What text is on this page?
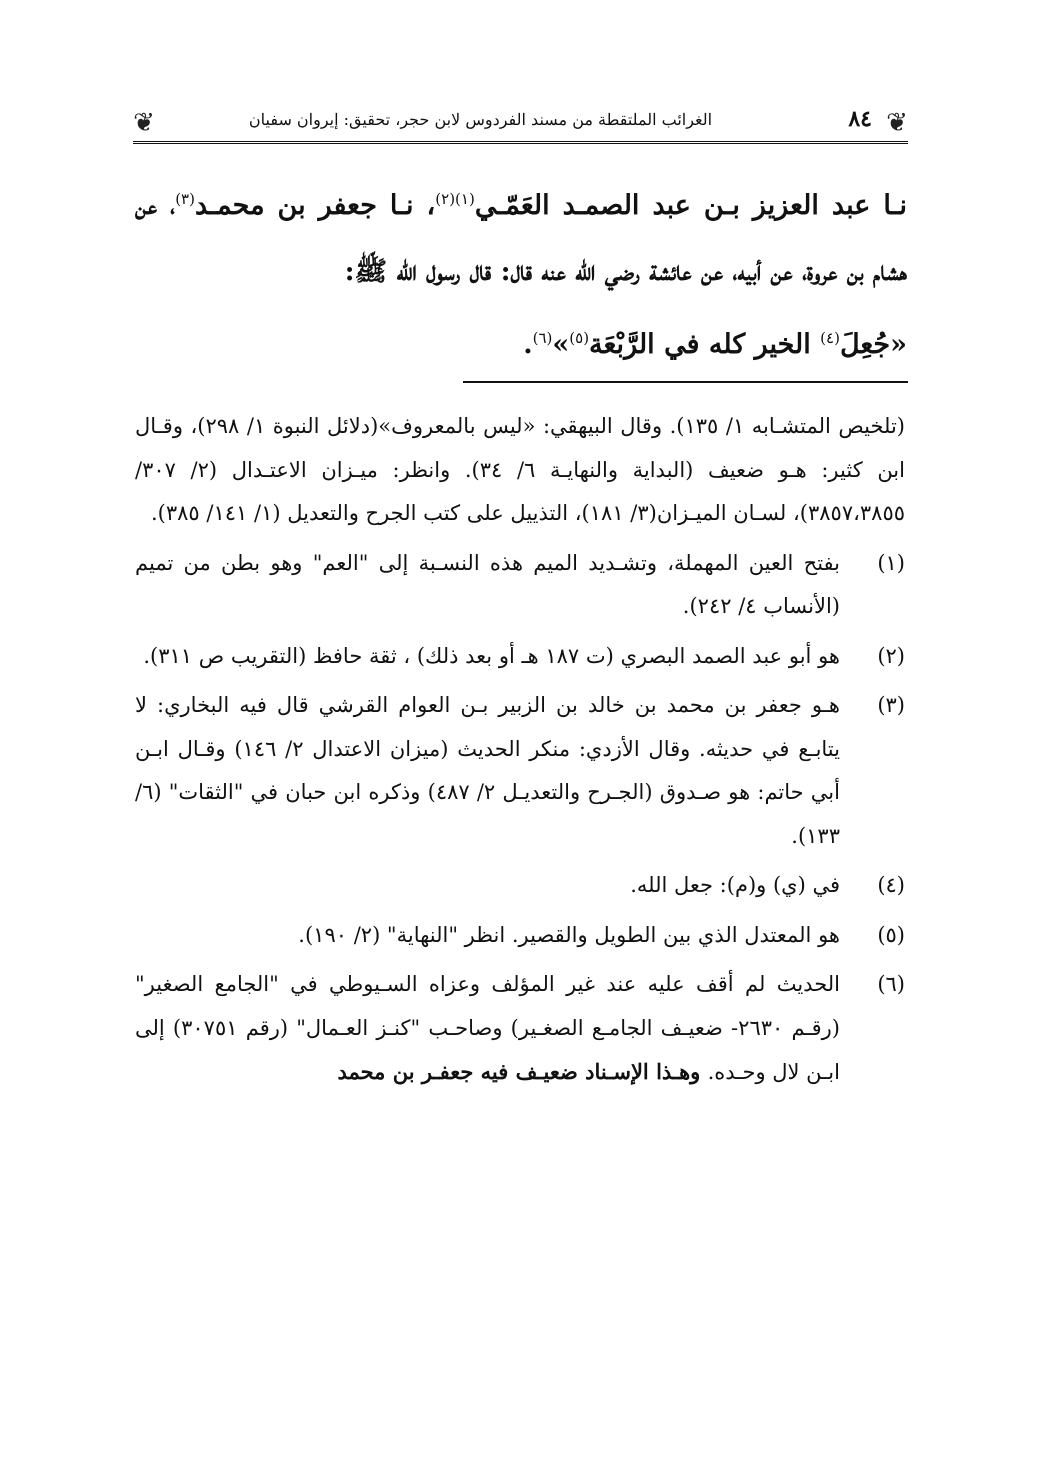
❦
٨٤
الغرائب الملتقطة من مسند الفردوس لابن حجر، تحقيق: إيروان سفيان
❦

نـا عبد العزيز بـن عبد الصمـد العَمّـي$^{(١)(٢)}$، نـا جعفر بن محمـد$^{(٣)}$، عن هشام بن عروة، عن أبيه، عن عائشة رضي الله عنه قال: قال رسول الله ﷺ:
«جُعِلَ$^{(٤)}$ الخير كله في الرَّبْعَة$^{(٥)}$»$^{(٦)}$.

(تلخيص المتشـابه ١/ ١٣٥). وقال البيهقي: «ليس بالمعروف»(دلائل النبوة ١/ ٢٩٨)، وقـال ابن كثير: هـو ضعيف (البداية والنهايـة ٦/ ٣٤). وانظر: ميـزان الاعتـدال (٢/ ٣٠٧/ ٣٨٥٧،٣٨٥٥)، لسـان الميـزان(٣/ ١٨١)، التذييل على كتب الجرح والتعديل (١/ ١٤١/ ٣٨٥).

(١)
بفتح العين المهملة، وتشـديد الميم هذه النسـبة إلى "العم" وهو بطن من تميم (الأنساب ٤/ ٢٤٢).
(٢)
هو أبو عبد الصمد البصري (ت ١٨٧ هـ أو بعد ذلك) ، ثقة حافظ (التقريب ص ٣١١).
(٣)
هـو جعفر بن محمد بن خالد بن الزبير بـن العوام القرشي قال فيه البخاري: لا يتابـع في حديثه. وقال الأزدي: منكر الحديث (ميزان الاعتدال ٢/ ١٤٦) وقـال ابـن أبي حاتم: هو صـدوق (الجـرح والتعديـل ٢/ ٤٨٧) وذكره ابن حبان في "الثقات" (٦/ ١٣٣).
(٤)
في (ي) و(م): جعل الله.
(٥)
هو المعتدل الذي بين الطويل والقصير. انظر "النهاية" (٢/ ١٩٠).
(٦)
الحديث لم أقف عليه عند غير المؤلف وعزاه السـيوطي في "الجامع الصغير" (رقـم ٢٦٣٠- ضعيـف الجامـع الصغـير) وصاحـب "كنـز العـمال" (رقم ٣٠٧٥١) إلى ابـن لال وحـده. وهـذا الإسـناد ضعيـف فيه جعفـر بن محمد
